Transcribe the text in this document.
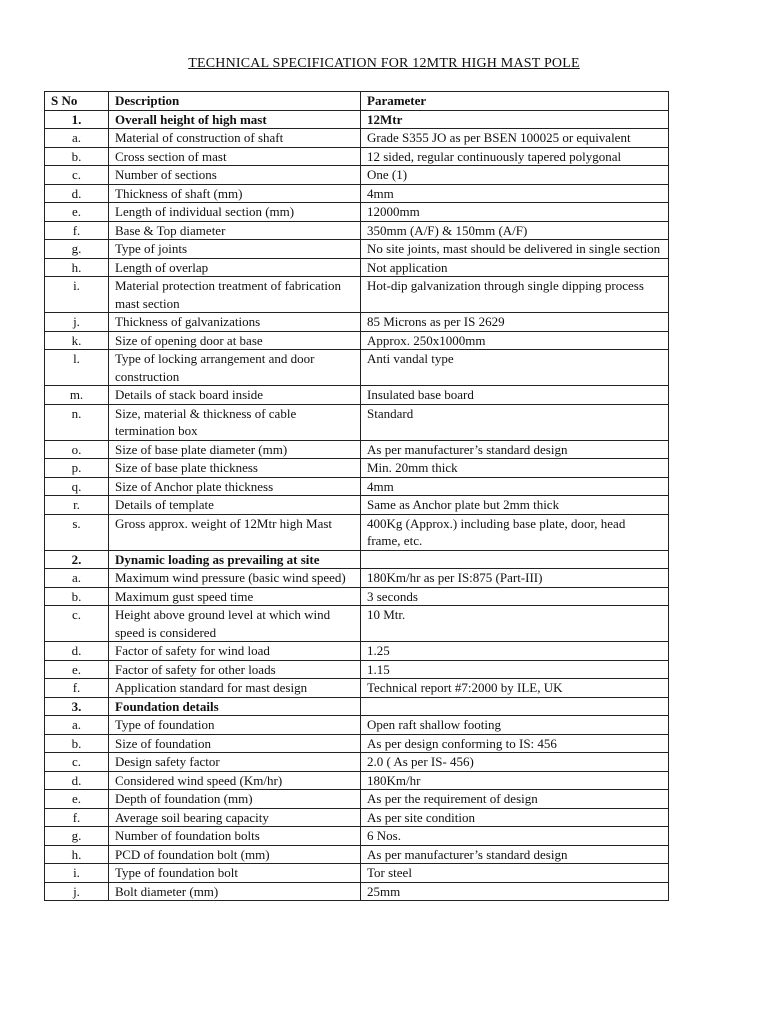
TECHNICAL SPECIFICATION FOR 12MTR HIGH MAST POLE
S No	Description	Parameter
1.	Overall height of high mast	12Mtr
a.	Material of construction of shaft	Grade S355 JO as per BSEN 100025 or equivalent
b.	Cross section of mast	12 sided, regular continuously tapered polygonal
c.	Number of sections	One (1)
d.	Thickness of shaft (mm)	4mm
e.	Length of individual section (mm)	12000mm
f.	Base & Top diameter	350mm (A/F) & 150mm (A/F)
g.	Type of joints	No site joints, mast should be delivered in single section
h.	Length of overlap	Not application
i.	Material protection treatment of fabrication mast section	Hot-dip galvanization through single dipping process
j.	Thickness of galvanizations	85 Microns as per IS 2629
k.	Size of opening door at base	Approx. 250x1000mm
l.	Type of locking arrangement and door construction	Anti vandal type
m.	Details of stack board inside	Insulated base board
n.	Size, material & thickness of cable termination box	Standard
o.	Size of base plate diameter (mm)	As per manufacturer’s standard design
p.	Size of base plate thickness	Min. 20mm thick
q.	Size of Anchor plate thickness	4mm
r.	Details of template	Same as Anchor plate but 2mm thick
s.	Gross approx. weight of 12Mtr high Mast	400Kg (Approx.) including base plate, door, head frame, etc.
2.	Dynamic loading as prevailing at site	
a.	Maximum wind pressure (basic wind speed)	180Km/hr as per IS:875 (Part-III)
b.	Maximum gust speed time	3 seconds
c.	Height above ground level at which wind speed is considered	10 Mtr.
d.	Factor of safety for wind load	1.25
e.	Factor of safety for other loads	1.15
f.	Application standard for mast design	Technical report #7:2000 by ILE, UK
3.	Foundation details	
a.	Type of foundation	Open raft shallow footing
b.	Size of foundation	As per design conforming to IS: 456
c.	Design safety factor	2.0 ( As per IS- 456)
d.	Considered wind speed (Km/hr)	180Km/hr
e.	Depth of foundation (mm)	As per the requirement of design
f.	Average soil bearing capacity	As per site condition
g.	Number of foundation bolts	6 Nos.
h.	PCD of foundation bolt (mm)	As per manufacturer’s standard design
i.	Type of foundation bolt	Tor steel
j.	Bolt diameter (mm)	25mm
